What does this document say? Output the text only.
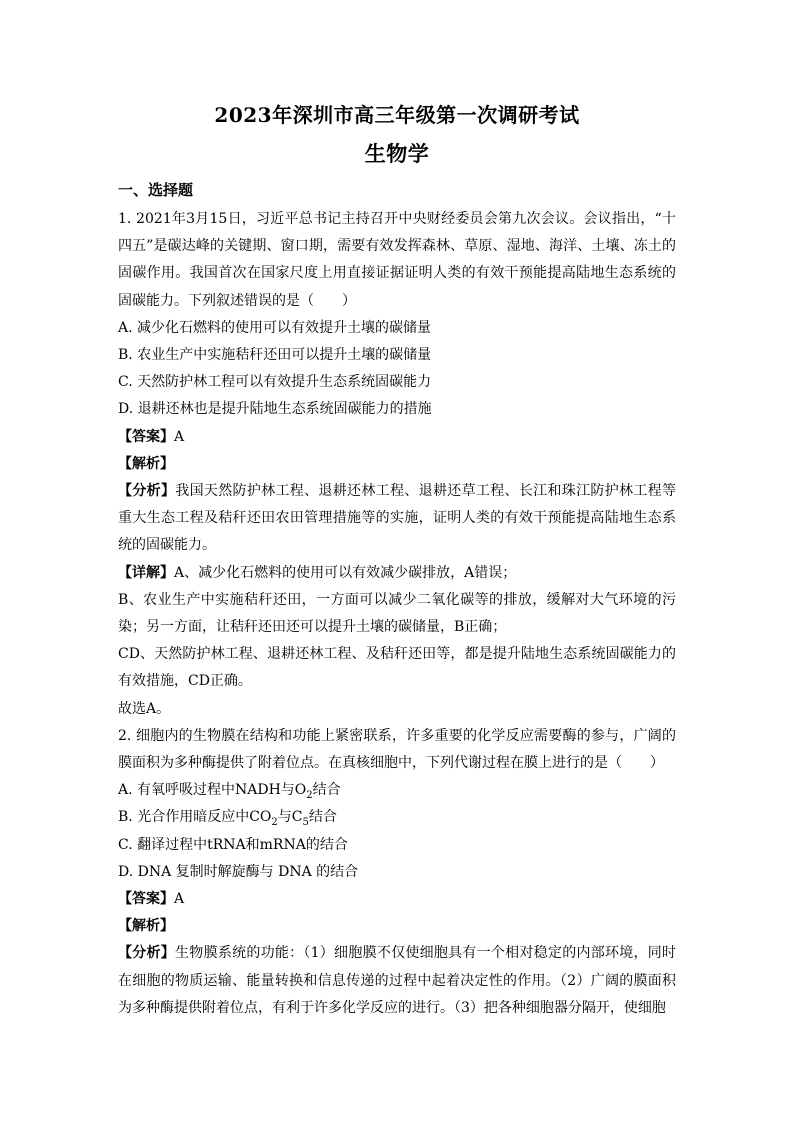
2023年深圳市高三年级第一次调研考试
生物学
一、选择题

1. 2021年3月15日，习近平总书记主持召开中央财经委员会第九次会议。会议指出，“十四五”是碳达峰的关键期、窗口期，需要有效发挥森林、草原、湿地、海洋、土壤、冻土的固碳作用。我国首次在国家尺度上用直接证据证明人类的有效干预能提高陆地生态系统的固碳能力。下列叙述错误的是（　　）

A. 减少化石燃料的使用可以有效提升土壤的碳储量

B. 农业生产中实施秸秆还田可以提升土壤的碳储量

C. 天然防护林工程可以有效提升生态系统固碳能力

D. 退耕还林也是提升陆地生态系统固碳能力的措施

【答案】A

【解析】

【分析】我国天然防护林工程、退耕还林工程、退耕还草工程、长江和珠江防护林工程等重大生态工程及秸秆还田农田管理措施等的实施，证明人类的有效干预能提高陆地生态系统的固碳能力。

【详解】A、减少化石燃料的使用可以有效减少碳排放，A错误；

B、农业生产中实施秸秆还田，一方面可以减少二氧化碳等的排放，缓解对大气环境的污染；另一方面，让秸秆还田还可以提升土壤的碳储量，B正确；

CD、天然防护林工程、退耕还林工程、及秸秆还田等，都是提升陆地生态系统固碳能力的有效措施，CD正确。

故选A。

2. 细胞内的生物膜在结构和功能上紧密联系，许多重要的化学反应需要酶的参与，广阔的膜面积为多种酶提供了附着位点。在真核细胞中，下列代谢过程在膜上进行的是（　　）

A. 有氧呼吸过程中NADH与$O_2$结合

B. 光合作用暗反应中$CO_2$与$C_5$结合

C. 翻译过程中tRNA和mRNA的结合

D. DNA 复制时解旋酶与 DNA 的结合

【答案】A

【解析】

【分析】生物膜系统的功能：（1）细胞膜不仅使细胞具有一个相对稳定的内部环境，同时在细胞的物质运输、能量转换和信息传递的过程中起着决定性的作用。（2）广阔的膜面积为多种酶提供附着位点，有利于许多化学反应的进行。（3）把各种细胞器分隔开，使细胞
